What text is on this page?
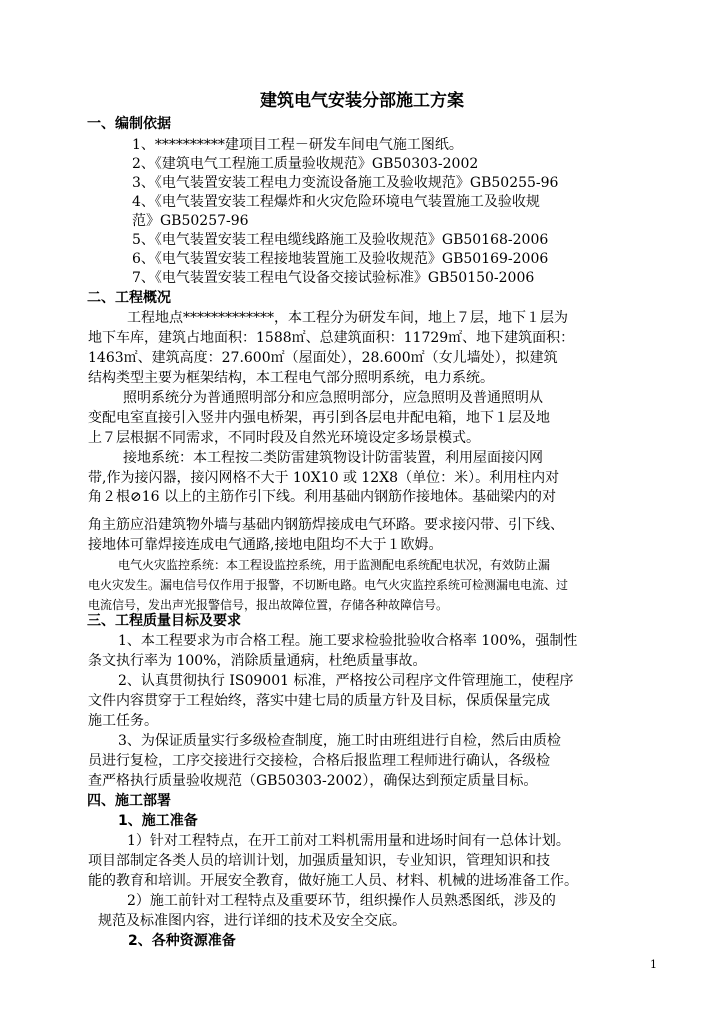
建筑电气安装分部施工方案
一、编制依据
1、**********建项目工程－研发车间电气施工图纸。
2、《建筑电气工程施工质量验收规范》GB50303-2002
3、《电气装置安装工程电力变流设备施工及验收规范》GB50255-96
4、《电气装置安装工程爆炸和火灾危险环境电气装置施工及验收规
范》GB50257-96
5、《电气装置安装工程电缆线路施工及验收规范》GB50168-2006
6、《电气装置安装工程接地装置施工及验收规范》GB50169-2006
7、《电气装置安装工程电气设备交接试验标准》GB50150-2006
二、工程概况
工程地点*************，本工程分为研发车间，地上７层，地下１层为
地下车库，建筑占地面积：1588㎡、总建筑面积：11729㎡、地下建筑面积：
1463㎡、建筑高度：27.600㎡（屋面处），28.600㎡（女儿墙处），拟建筑
结构类型主要为框架结构，本工程电气部分照明系统，电力系统。
照明系统分为普通照明部分和应急照明部分，应急照明及普通照明从
变配电室直接引入竖井内强电桥架，再引到各层电井配电箱，地下１层及地
上７层根据不同需求，不同时段及自然光环境设定多场景模式。
接地系统：本工程按二类防雷建筑物设计防雷装置，利用屋面接闪网
带,作为接闪器，接闪网格不大于 10X10 或 12X8（单位：米）。利用柱内对
角２根⊘16 以上的主筋作引下线。利用基础内钢筋作接地体。基础梁内的对
角主筋应沿建筑物外墙与基础内钢筋焊接成电气环路。要求接闪带、引下线、
接地体可靠焊接连成电气通路,接地电阻均不大于１欧姆。
电气火灾监控系统：本工程设监控系统，用于监测配电系统配电状况，有效防止漏
电火灾发生。漏电信号仅作用于报警，不切断电路。电气火灾监控系统可检测漏电电流、过
电流信号，发出声光报警信号，报出故障位置，存储各种故障信号。
三、工程质量目标及要求
1、本工程要求为市合格工程。施工要求检验批验收合格率 100%，强制性
条文执行率为 100%，消除质量通病，杜绝质量事故。
2、认真贯彻执行 IS09001 标准，严格按公司程序文件管理施工，使程序
文件内容贯穿于工程始终，落实中建七局的质量方针及目标，保质保量完成
施工任务。
3、为保证质量实行多级检查制度，施工时由班组进行自检，然后由质检
员进行复检，工序交接进行交接检，合格后报监理工程师进行确认，各级检
查严格执行质量验收规范（GB50303-2002），确保达到预定质量目标。
四、施工部署
1、施工准备
1）针对工程特点，在开工前对工料机需用量和进场时间有一总体计划。
项目部制定各类人员的培训计划，加强质量知识，专业知识，管理知识和技
能的教育和培训。开展安全教育，做好施工人员、材料、机械的进场准备工作。
2）施工前针对工程特点及重要环节，组织操作人员熟悉图纸，涉及的
规范及标准图内容，进行详细的技术及安全交底。
2、各种资源准备
1
